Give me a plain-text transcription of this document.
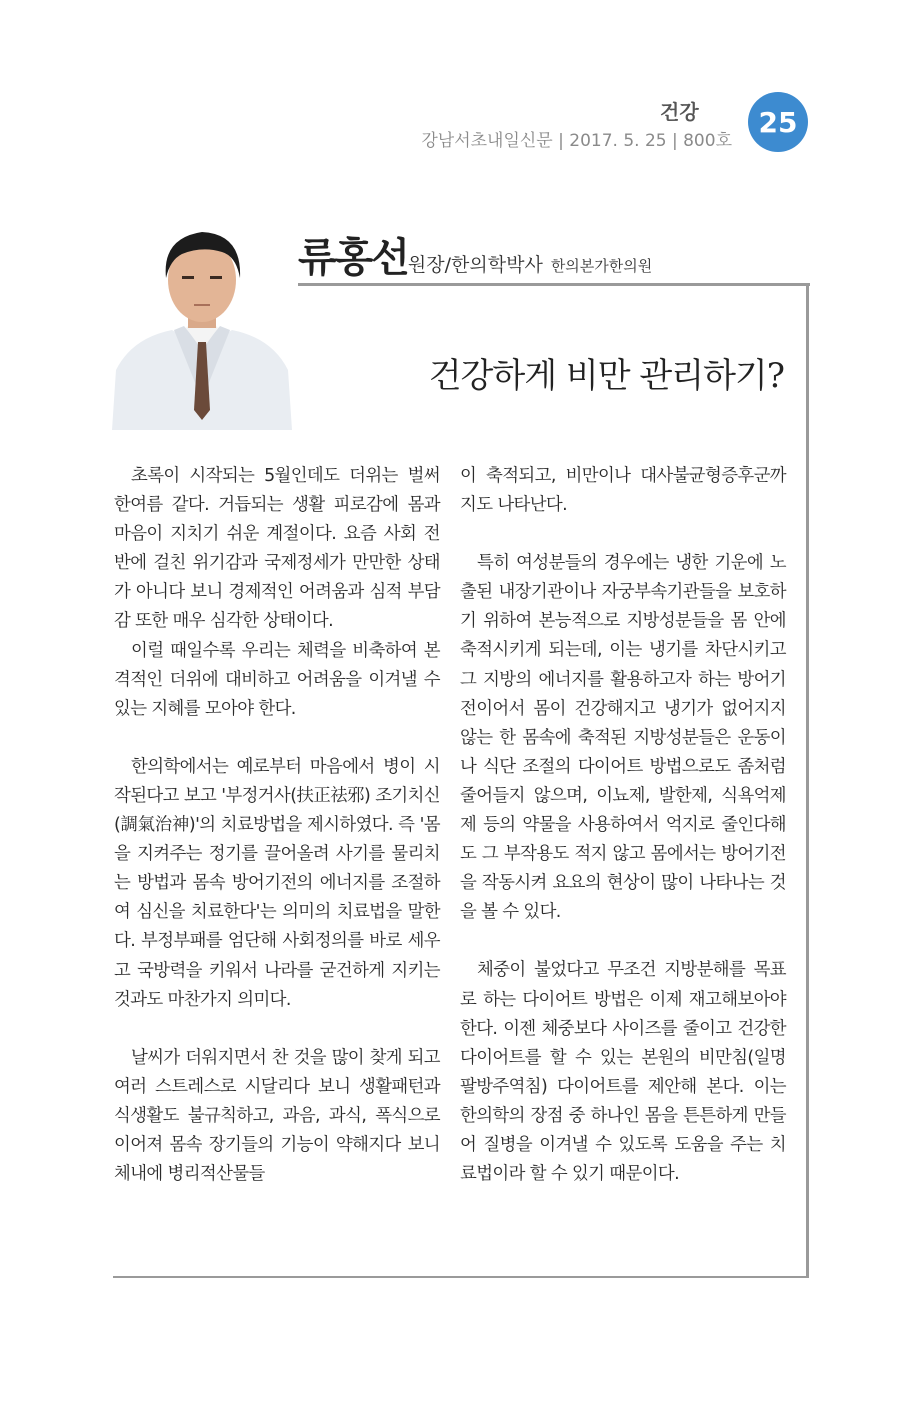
건강
강남서초내일신문 | 2017. 5. 25 | 800호
25
류홍선원장/한의학박사 한의본가한의원
건강하게 비만 관리하기?

초록이 시작되는 5월인데도 더위는 벌써 한여름 같다. 거듭되는 생활 피로감에 몸과 마음이 지치기 쉬운 계절이다. 요즘 사회 전반에 걸친 위기감과 국제정세가 만만한 상태가 아니다 보니 경제적인 어려움과 심적 부담감 또한 매우 심각한 상태이다.

이럴 때일수록 우리는 체력을 비축하여 본격적인 더위에 대비하고 어려움을 이겨낼 수 있는 지혜를 모아야 한다.

한의학에서는 예로부터 마음에서 병이 시작된다고 보고 '부정거사(扶正祛邪) 조기치신(調氣治神)'의 치료방법을 제시하였다. 즉 '몸을 지켜주는 정기를 끌어올려 사기를 물리치는 방법과 몸속 방어기전의 에너지를 조절하여 심신을 치료한다'는 의미의 치료법을 말한다. 부정부패를 엄단해 사회정의를 바로 세우고 국방력을 키워서 나라를 굳건하게 지키는 것과도 마찬가지 의미다.

날씨가 더워지면서 찬 것을 많이 찾게 되고 여러 스트레스로 시달리다 보니 생활패턴과 식생활도 불규칙하고, 과음, 과식, 폭식으로 이어져 몸속 장기들의 기능이 약해지다 보니 체내에 병리적산물들

이 축적되고, 비만이나 대사불균형증후군까지도 나타난다.

특히 여성분들의 경우에는 냉한 기운에 노출된 내장기관이나 자궁부속기관들을 보호하기 위하여 본능적으로 지방성분들을 몸 안에 축적시키게 되는데, 이는 냉기를 차단시키고 그 지방의 에너지를 활용하고자 하는 방어기전이어서 몸이 건강해지고 냉기가 없어지지 않는 한 몸속에 축적된 지방성분들은 운동이나 식단 조절의 다이어트 방법으로도 좀처럼 줄어들지 않으며, 이뇨제, 발한제, 식욕억제제 등의 약물을 사용하여서 억지로 줄인다해도 그 부작용도 적지 않고 몸에서는 방어기전을 작동시켜 요요의 현상이 많이 나타나는 것을 볼 수 있다.

체중이 불었다고 무조건 지방분해를 목표로 하는 다이어트 방법은 이제 재고해보아야 한다. 이젠 체중보다 사이즈를 줄이고 건강한 다이어트를 할 수 있는 본원의 비만침(일명 팔방주역침) 다이어트를 제안해 본다. 이는 한의학의 장점 중 하나인 몸을 튼튼하게 만들어 질병을 이겨낼 수 있도록 도움을 주는 치료법이라 할 수 있기 때문이다.
